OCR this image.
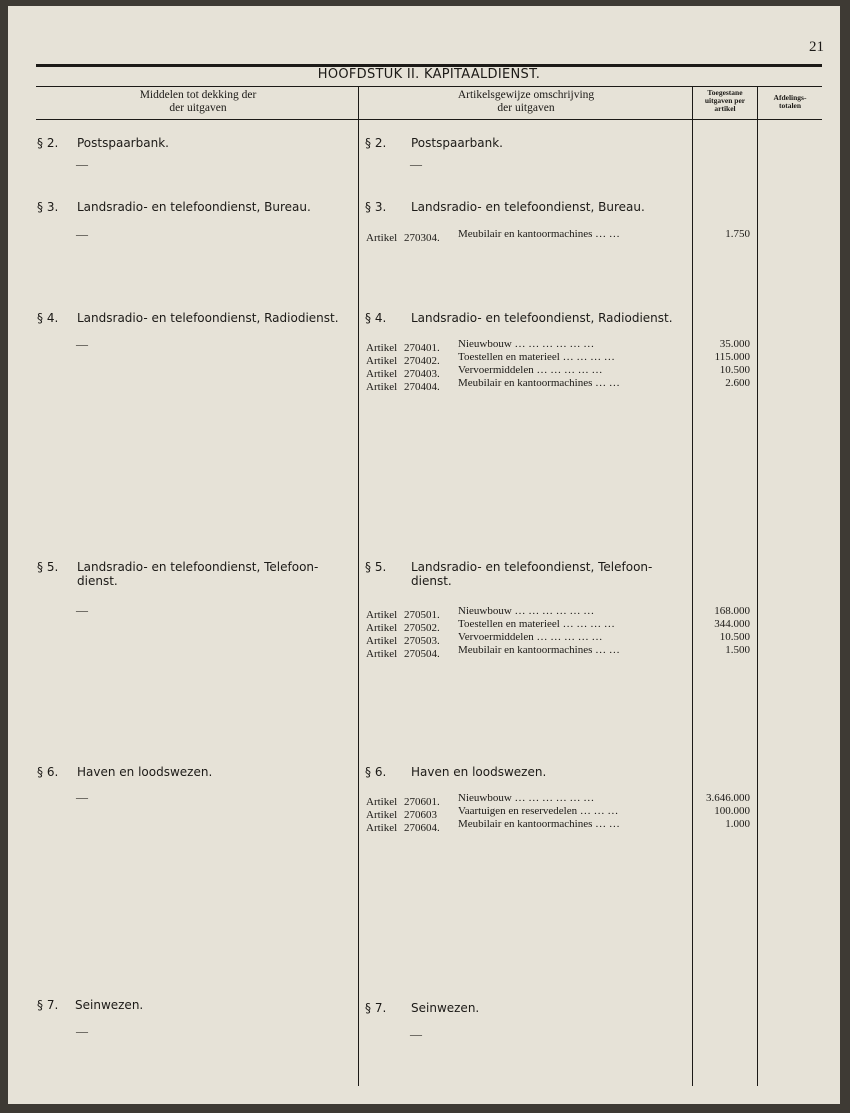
21
HOOFDSTUK II. KAPITAALDIENST.
Middelen tot dekking der
der uitgaven
Artikelsgewijze omschrijving
der uitgaven
Toegestane
uitgaven per
artikel
Afdelings-
totalen
§ 2. Postspaarbank.
—
§ 2. Postspaarbank.
—
§ 3. Landsradio- en telefoondienst, Bureau.
—
§ 3. Landsradio- en telefoondienst, Bureau.
Artikel 270304. Meubilair en kantoormachines … …	1.750
§ 4. Landsradio- en telefoondienst, Radiodienst.
—
§ 4. Landsradio- en telefoondienst, Radiodienst.
Artikel 270401. Nieuwbouw … … … … … …	35.000
Artikel 270402. Toestellen en materieel … … … …	115.000
Artikel 270403. Vervoermiddelen … … … … …	10.500
Artikel 270404. Meubilair en kantoormachines … …	2.600
§ 5. Landsradio- en telefoondienst, Telefoon-
dienst.
—
§ 5. Landsradio- en telefoondienst, Telefoon-
dienst.
Artikel 270501. Nieuwbouw … … … … … …	168.000
Artikel 270502. Toestellen en materieel … … … …	344.000
Artikel 270503. Vervoermiddelen … … … … …	10.500
Artikel 270504. Meubilair en kantoormachines … …	1.500
§ 6. Haven en loodswezen.
—
§ 6. Haven en loodswezen.
Artikel 270601. Nieuwbouw … … … … … …	3.646.000
Artikel 270603 Vaartuigen en reservedelen … … …	100.000
Artikel 270604. Meubilair en kantoormachines … …	1.000
§ 7. Seinwezen.
—
§ 7. Seinwezen.
—
